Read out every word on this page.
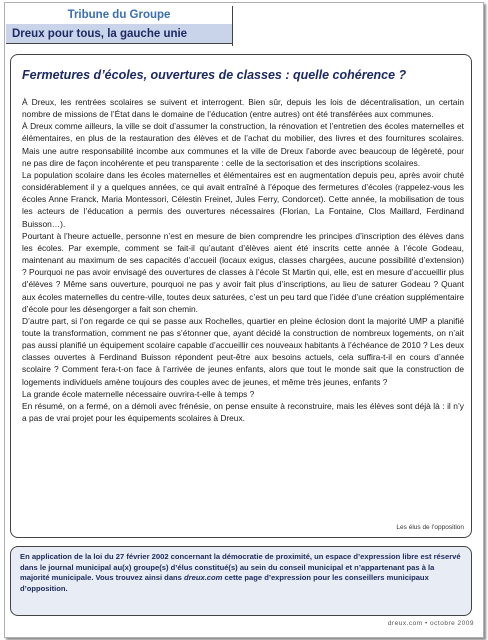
Tribune du Groupe
Dreux pour tous, la gauche unie
Fermetures d’écoles, ouvertures de classes : quelle cohérence ?

À Dreux, les rentrées scolaires se suivent et interrogent. Bien sûr, depuis les lois de décentralisation, un certain nombre de missions de l’État dans le domaine de l’éducation (entre autres) ont été transférées aux communes.

À Dreux comme ailleurs, la ville se doit d’assumer la construction, la rénovation et l’entretien des écoles maternelles et élémentaires, en plus de la restauration des élèves et de l’achat du mobilier, des livres et des fournitures scolaires. Mais une autre responsabilité incombe aux communes et la ville de Dreux l’aborde avec beaucoup de légèreté, pour ne pas dire de façon incohérente et peu transparente : celle de la sectorisation et des inscriptions scolaires.

La population scolaire dans les écoles maternelles et élémentaires est en augmentation depuis peu, après avoir chuté considérablement il y a quelques années, ce qui avait entraîné à l’époque des fermetures d’écoles (rappelez-vous les écoles Anne Franck, Maria Montessori, Célestin Freinet, Jules Ferry, Condorcet). Cette année, la mobilisation de tous les acteurs de l’éducation a permis des ouvertures nécessaires (Florian, La Fontaine, Clos Maillard, Ferdinand Buisson…).

Pourtant à l’heure actuelle, personne n’est en mesure de bien comprendre les principes d’inscription des élèves dans les écoles. Par exemple, comment se fait-il qu’autant d’élèves aient été inscrits cette année à l’école Godeau, maintenant au maximum de ses capacités d’accueil (locaux exigus, classes chargées, aucune possibilité d’extension) ? Pourquoi ne pas avoir envisagé des ouvertures de classes à l’école St Martin qui, elle, est en mesure d’accueillir plus d’élèves ? Même sans ouverture, pourquoi ne pas y avoir fait plus d’inscriptions, au lieu de saturer Godeau ? Quant aux écoles maternelles du centre-ville, toutes deux saturées, c’est un peu tard que l’idée d’une création supplémentaire d’école pour les désengorger a fait son chemin.

D’autre part, si l’on regarde ce qui se passe aux Rochelles, quartier en pleine éclosion dont la majorité UMP a planifié toute la transformation, comment ne pas s’étonner que, ayant décidé la construction de nombreux logements, on n’ait pas aussi planifié un équipement scolaire capable d’accueillir ces nouveaux habitants à l’échéance de 2010 ? Les deux classes ouvertes à Ferdinand Buisson répondent peut-être aux besoins actuels, cela suffira-t-il en cours d’année scolaire ? Comment fera-t-on face à l’arrivée de jeunes enfants, alors que tout le monde sait que la construction de logements individuels amène toujours des couples avec de jeunes, et même très jeunes, enfants ?

La grande école maternelle nécessaire ouvrira-t-elle à temps ?

En résumé, on a fermé, on a démoli avec frénésie, on pense ensuite à reconstruire, mais les élèves sont déjà là : il n’y a pas de vrai projet pour les équipements scolaires à Dreux.

Les élus de l’opposition
En application de la loi du 27 février 2002 concernant la démocratie de proximité, un espace d’expression libre est réservé dans le journal municipal au(x) groupe(s) d’élus constitué(s) au sein du conseil municipal et n’appartenant pas à la majorité municipale. Vous trouvez ainsi dans dreux.com cette page d’expression pour les conseillers municipaux d’opposition.
dreux.com • octobre 2009
